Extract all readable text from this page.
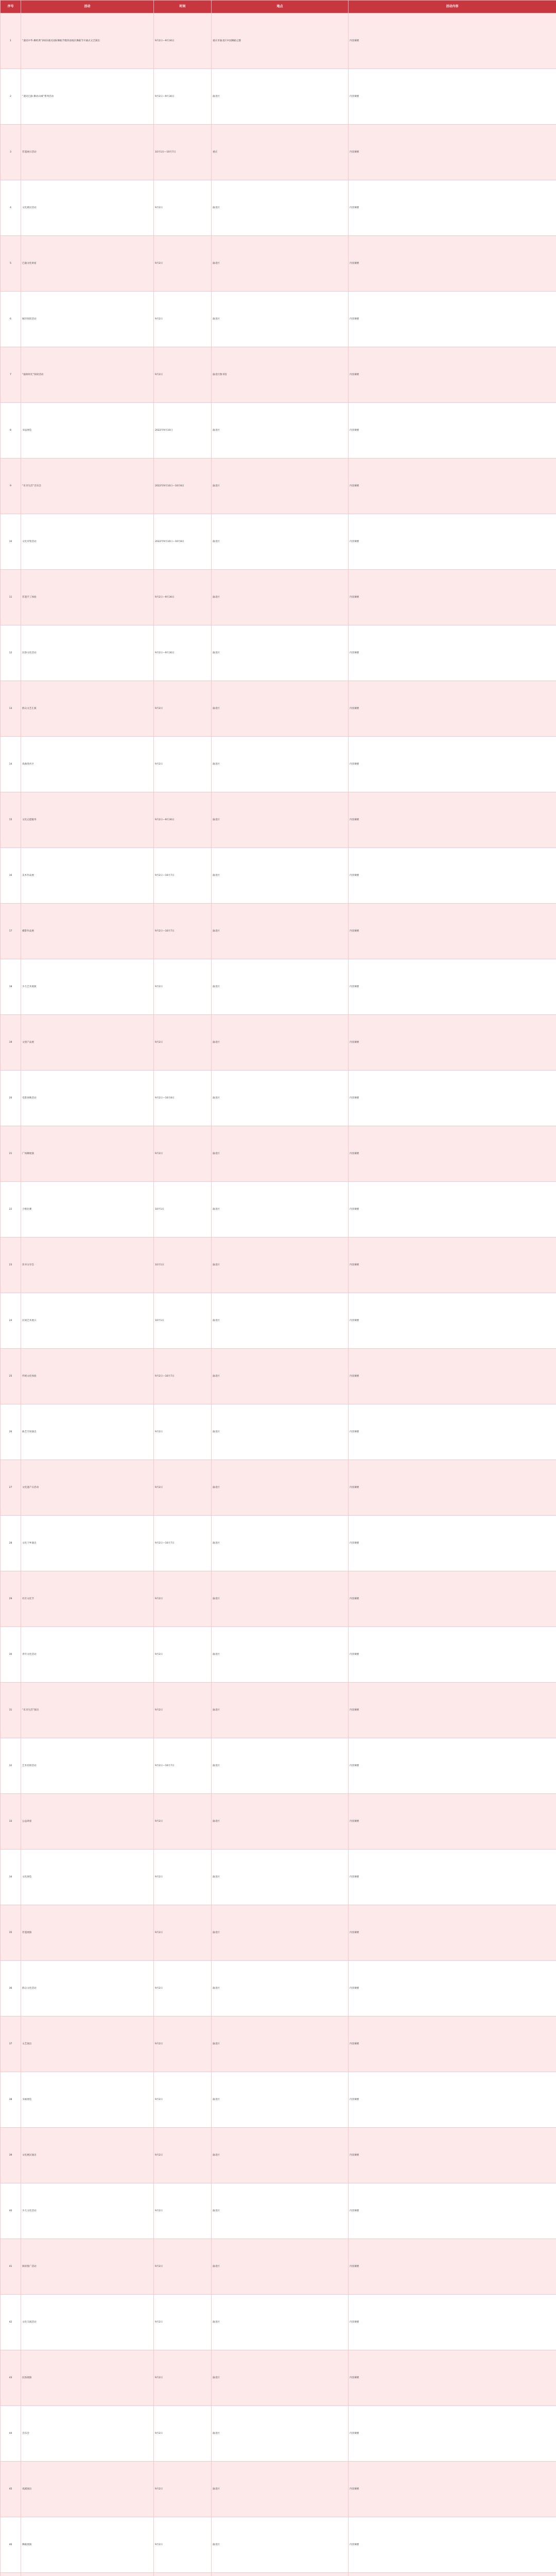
序号	活动	时间	地点	活动内容
1	“遇见中华·舞经典”2022重庆国际舞蹈节暨西南地区舞蹈节开幕式文艺演出	9月2日—9月30日	重庆市渝北区中国舞蹈之都	内容摘要
2	“遇见巴渝·舞动山城”系列活动	9月2日—9月30日	渝北区	内容摘要
3	非遗展示活动	10月1日—10月7日	重庆	内容摘要
4	文化惠民活动	9月2日	渝北区	内容摘要
5	巴渝文化讲座	9月2日	渝北区	内容摘要
6	城市阅读活动	9月2日	渝北区	内容摘要
7	“渝阅时光”阅读活动	9月2日	渝北区图书馆	内容摘要
8	书法展览	2022年9月10日	渝北区	内容摘要
9	“乐享生活”音乐会	2022年9月10日—10月8日	渝北区	内容摘要
10	文化市集活动	2022年9月10日—10月8日	渝北区	内容摘要
11	非遗手工体验	9月2日—9月30日	渝北区	内容摘要
12	民俗文化活动	9月2日—9月30日	渝北区	内容摘要
13	群众文艺汇演	9月2日	渝北区	内容摘要
14	戏曲进社区	9月2日	渝北区	内容摘要
15	文化志愿服务	9月2日—9月30日	渝北区	内容摘要
16	美术作品展	9月2日—10月7日	渝北区	内容摘要
17	摄影作品展	9月2日—10月7日	渝北区	内容摘要
18	少儿艺术展演	9月2日	渝北区	内容摘要
19	文创产品展	9月2日	渝北区	内容摘要
20	电影放映活动	9月2日—10月8日	渝北区	内容摘要
21	广场舞展演	9月2日	渝北区	内容摘要
22	合唱比赛	10月1日	渝北区	内容摘要
23	读书分享会	10月1日	渝北区	内容摘要
24	民间艺术展示	10月1日	渝北区	内容摘要
25	传统文化体验	9月2日—10月7日	渝北区	内容摘要
26	曲艺专场演出	9月2日	渝北区	内容摘要
27	文化遗产日活动	9月2日	渝北区	内容摘要
28	文化下乡演出	9月2日—10月7日	渝北区	内容摘要
29	社区文化节	9月2日	渝北区	内容摘要
30	青年文化活动	9月2日	渝北区	内容摘要
31	“乐享生活”演出	9月2日	渝北区	内容摘要
32	艺术培训活动	9月2日—10月7日	渝北区	内容摘要
33	公益讲座	9月2日	渝北区	内容摘要
34	文化展览	9月2日	渝北区	内容摘要
35	非遗展演	9月2日	渝北区	内容摘要
36	群众文化活动	9月2日	渝北区	内容摘要
37	文艺演出	9月2日	渝北区	内容摘要
38	书画展览	9月2日	渝北区	内容摘要
39	文化惠民演出	9月2日	渝北区	内容摘要
40	少儿文化活动	9月2日	渝北区	内容摘要
41	阅读推广活动	9月2日	渝北区	内容摘要
42	文化交流活动	9月2日	渝北区	内容摘要
43	民俗展演	9月2日	渝北区	内容摘要
44	音乐会	9月2日	渝北区	内容摘要
45	戏剧演出	9月2日	渝北区	内容摘要
46	舞蹈展演	9月2日	渝北区	内容摘要
